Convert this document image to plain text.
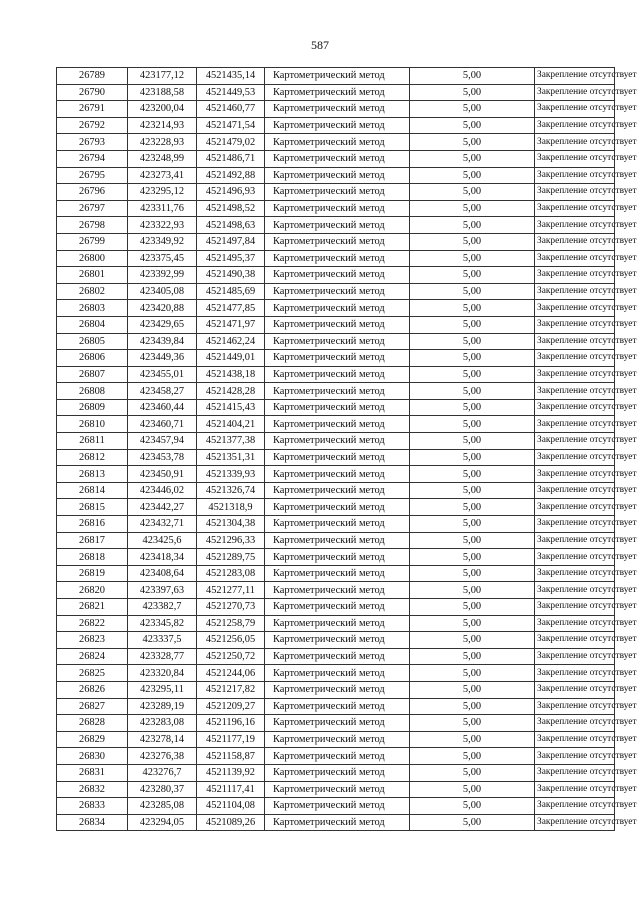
587
26789	423177,12	4521435,14	Картометрический метод	5,00	Закрепление отсутствует
26790	423188,58	4521449,53	Картометрический метод	5,00	Закрепление отсутствует
26791	423200,04	4521460,77	Картометрический метод	5,00	Закрепление отсутствует
26792	423214,93	4521471,54	Картометрический метод	5,00	Закрепление отсутствует
26793	423228,93	4521479,02	Картометрический метод	5,00	Закрепление отсутствует
26794	423248,99	4521486,71	Картометрический метод	5,00	Закрепление отсутствует
26795	423273,41	4521492,88	Картометрический метод	5,00	Закрепление отсутствует
26796	423295,12	4521496,93	Картометрический метод	5,00	Закрепление отсутствует
26797	423311,76	4521498,52	Картометрический метод	5,00	Закрепление отсутствует
26798	423322,93	4521498,63	Картометрический метод	5,00	Закрепление отсутствует
26799	423349,92	4521497,84	Картометрический метод	5,00	Закрепление отсутствует
26800	423375,45	4521495,37	Картометрический метод	5,00	Закрепление отсутствует
26801	423392,99	4521490,38	Картометрический метод	5,00	Закрепление отсутствует
26802	423405,08	4521485,69	Картометрический метод	5,00	Закрепление отсутствует
26803	423420,88	4521477,85	Картометрический метод	5,00	Закрепление отсутствует
26804	423429,65	4521471,97	Картометрический метод	5,00	Закрепление отсутствует
26805	423439,84	4521462,24	Картометрический метод	5,00	Закрепление отсутствует
26806	423449,36	4521449,01	Картометрический метод	5,00	Закрепление отсутствует
26807	423455,01	4521438,18	Картометрический метод	5,00	Закрепление отсутствует
26808	423458,27	4521428,28	Картометрический метод	5,00	Закрепление отсутствует
26809	423460,44	4521415,43	Картометрический метод	5,00	Закрепление отсутствует
26810	423460,71	4521404,21	Картометрический метод	5,00	Закрепление отсутствует
26811	423457,94	4521377,38	Картометрический метод	5,00	Закрепление отсутствует
26812	423453,78	4521351,31	Картометрический метод	5,00	Закрепление отсутствует
26813	423450,91	4521339,93	Картометрический метод	5,00	Закрепление отсутствует
26814	423446,02	4521326,74	Картометрический метод	5,00	Закрепление отсутствует
26815	423442,27	4521318,9	Картометрический метод	5,00	Закрепление отсутствует
26816	423432,71	4521304,38	Картометрический метод	5,00	Закрепление отсутствует
26817	423425,6	4521296,33	Картометрический метод	5,00	Закрепление отсутствует
26818	423418,34	4521289,75	Картометрический метод	5,00	Закрепление отсутствует
26819	423408,64	4521283,08	Картометрический метод	5,00	Закрепление отсутствует
26820	423397,63	4521277,11	Картометрический метод	5,00	Закрепление отсутствует
26821	423382,7	4521270,73	Картометрический метод	5,00	Закрепление отсутствует
26822	423345,82	4521258,79	Картометрический метод	5,00	Закрепление отсутствует
26823	423337,5	4521256,05	Картометрический метод	5,00	Закрепление отсутствует
26824	423328,77	4521250,72	Картометрический метод	5,00	Закрепление отсутствует
26825	423320,84	4521244,06	Картометрический метод	5,00	Закрепление отсутствует
26826	423295,11	4521217,82	Картометрический метод	5,00	Закрепление отсутствует
26827	423289,19	4521209,27	Картометрический метод	5,00	Закрепление отсутствует
26828	423283,08	4521196,16	Картометрический метод	5,00	Закрепление отсутствует
26829	423278,14	4521177,19	Картометрический метод	5,00	Закрепление отсутствует
26830	423276,38	4521158,87	Картометрический метод	5,00	Закрепление отсутствует
26831	423276,7	4521139,92	Картометрический метод	5,00	Закрепление отсутствует
26832	423280,37	4521117,41	Картометрический метод	5,00	Закрепление отсутствует
26833	423285,08	4521104,08	Картометрический метод	5,00	Закрепление отсутствует
26834	423294,05	4521089,26	Картометрический метод	5,00	Закрепление отсутствует
